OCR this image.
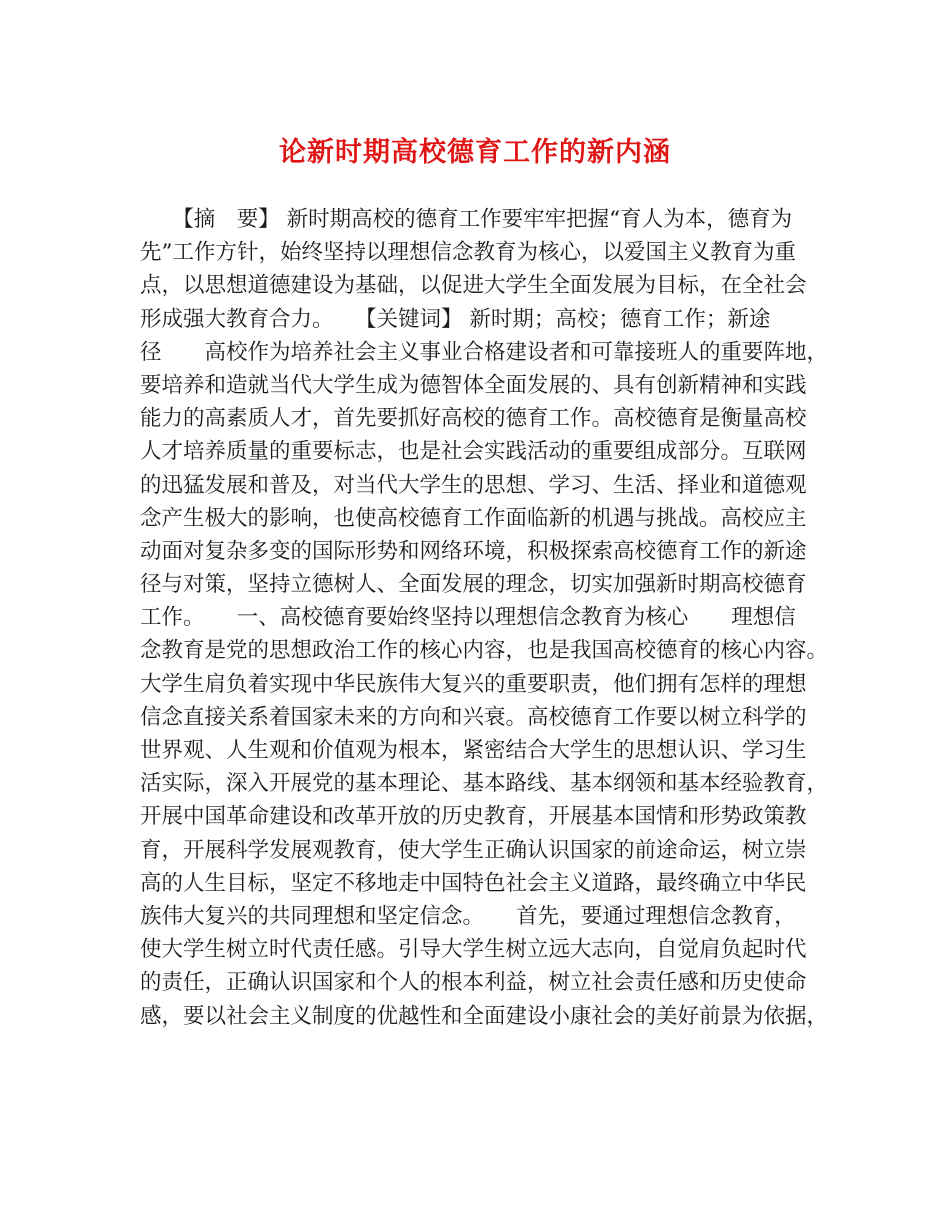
论新时期高校德育工作的新内涵
　　【摘　要】 新时期高校的德育工作要牢牢把握“育人为本，德育为
先”工作方针，始终坚持以理想信念教育为核心，以爱国主义教育为重
点，以思想道德建设为基础，以促进大学生全面发展为目标，在全社会
形成强大教育合力。　　【关键词】 新时期；高校；德育工作；新途
径　　高校作为培养社会主义事业合格建设者和可靠接班人的重要阵地，
要培养和造就当代大学生成为德智体全面发展的、具有创新精神和实践
能力的高素质人才，首先要抓好高校的德育工作。高校德育是衡量高校
人才培养质量的重要标志，也是社会实践活动的重要组成部分。互联网
的迅猛发展和普及，对当代大学生的思想、学习、生活、择业和道德观
念产生极大的影响，也使高校德育工作面临新的机遇与挑战。高校应主
动面对复杂多变的国际形势和网络环境，积极探索高校德育工作的新途
径与对策，坚持立德树人、全面发展的理念，切实加强新时期高校德育
工作。　　一、高校德育要始终坚持以理想信念教育为核心　　理想信
念教育是党的思想政治工作的核心内容，也是我国高校德育的核心内容。
大学生肩负着实现中华民族伟大复兴的重要职责，他们拥有怎样的理想
信念直接关系着国家未来的方向和兴衰。高校德育工作要以树立科学的
世界观、人生观和价值观为根本，紧密结合大学生的思想认识、学习生
活实际，深入开展党的基本理论、基本路线、基本纲领和基本经验教育，
开展中国革命建设和改革开放的历史教育，开展基本国情和形势政策教
育，开展科学发展观教育，使大学生正确认识国家的前途命运，树立崇
高的人生目标，坚定不移地走中国特色社会主义道路，最终确立中华民
族伟大复兴的共同理想和坚定信念。　　首先，要通过理想信念教育，
使大学生树立时代责任感。引导大学生树立远大志向，自觉肩负起时代
的责任，正确认识国家和个人的根本利益，树立社会责任感和历史使命
感，要以社会主义制度的优越性和全面建设小康社会的美好前景为依据，
